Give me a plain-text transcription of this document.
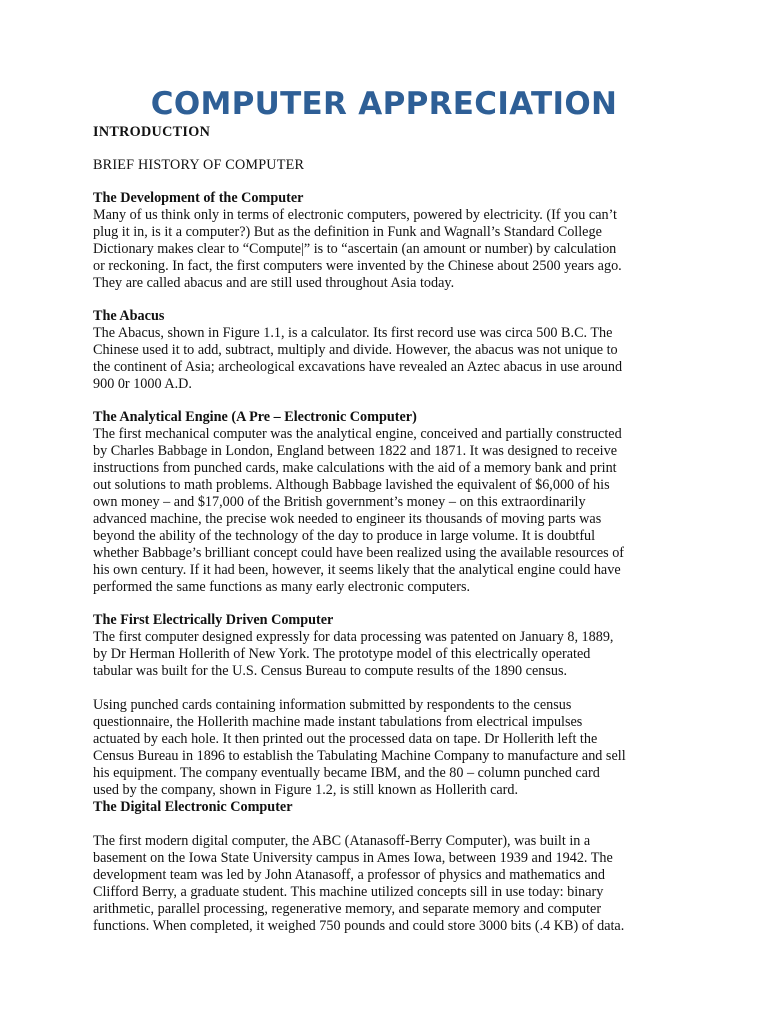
COMPUTER APPRECIATION

INTRODUCTION

BRIEF HISTORY OF COMPUTER

The Development of the Computer

Many of us think only in terms of electronic computers, powered by electricity. (If you can’t
plug it in, is it a computer?) But as the definition in Funk and Wagnall’s Standard College
Dictionary makes clear to “Compute|” is to “ascertain (an amount or number) by calculation
or reckoning. In fact, the first computers were invented by the Chinese about 2500 years ago.
They are called abacus and are still used throughout Asia today.

The Abacus

The Abacus, shown in Figure 1.1, is a calculator. Its first record use was circa 500 B.C. The
Chinese used it to add, subtract, multiply and divide. However, the abacus was not unique to
the continent of Asia; archeological excavations have revealed an Aztec abacus in use around
900 0r 1000 A.D.

The Analytical Engine (A Pre – Electronic Computer)

The first mechanical computer was the analytical engine, conceived and partially constructed
by Charles Babbage in London, England between 1822 and 1871. It was designed to receive
instructions from punched cards, make calculations with the aid of a memory bank and print
out solutions to math problems. Although Babbage lavished the equivalent of $6,000 of his
own money – and $17,000 of the British government’s money – on this extraordinarily
advanced machine, the precise wok needed to engineer its thousands of moving parts was
beyond the ability of the technology of the day to produce in large volume. It is doubtful
whether Babbage’s brilliant concept could have been realized using the available resources of
his own century. If it had been, however, it seems likely that the analytical engine could have
performed the same functions as many early electronic computers.

The First Electrically Driven Computer

The first computer designed expressly for data processing was patented on January 8, 1889,
by Dr Herman Hollerith of New York. The prototype model of this electrically operated
tabular was built for the U.S. Census Bureau to compute results of the 1890 census.

Using punched cards containing information submitted by respondents to the census
questionnaire, the Hollerith machine made instant tabulations from electrical impulses
actuated by each hole. It then printed out the processed data on tape. Dr Hollerith left the
Census Bureau in 1896 to establish the Tabulating Machine Company to manufacture and sell
his equipment. The company eventually became IBM, and the 80 – column punched card
used by the company, shown in Figure 1.2, is still known as Hollerith card.

The Digital Electronic Computer

The first modern digital computer, the ABC (Atanasoff-Berry Computer), was built in a
basement on the Iowa State University campus in Ames Iowa, between 1939 and 1942. The
development team was led by John Atanasoff, a professor of physics and mathematics and
Clifford Berry, a graduate student. This machine utilized concepts sill in use today: binary
arithmetic, parallel processing, regenerative memory, and separate memory and computer
functions. When completed, it weighed 750 pounds and could store 3000 bits (.4 KB) of data.
